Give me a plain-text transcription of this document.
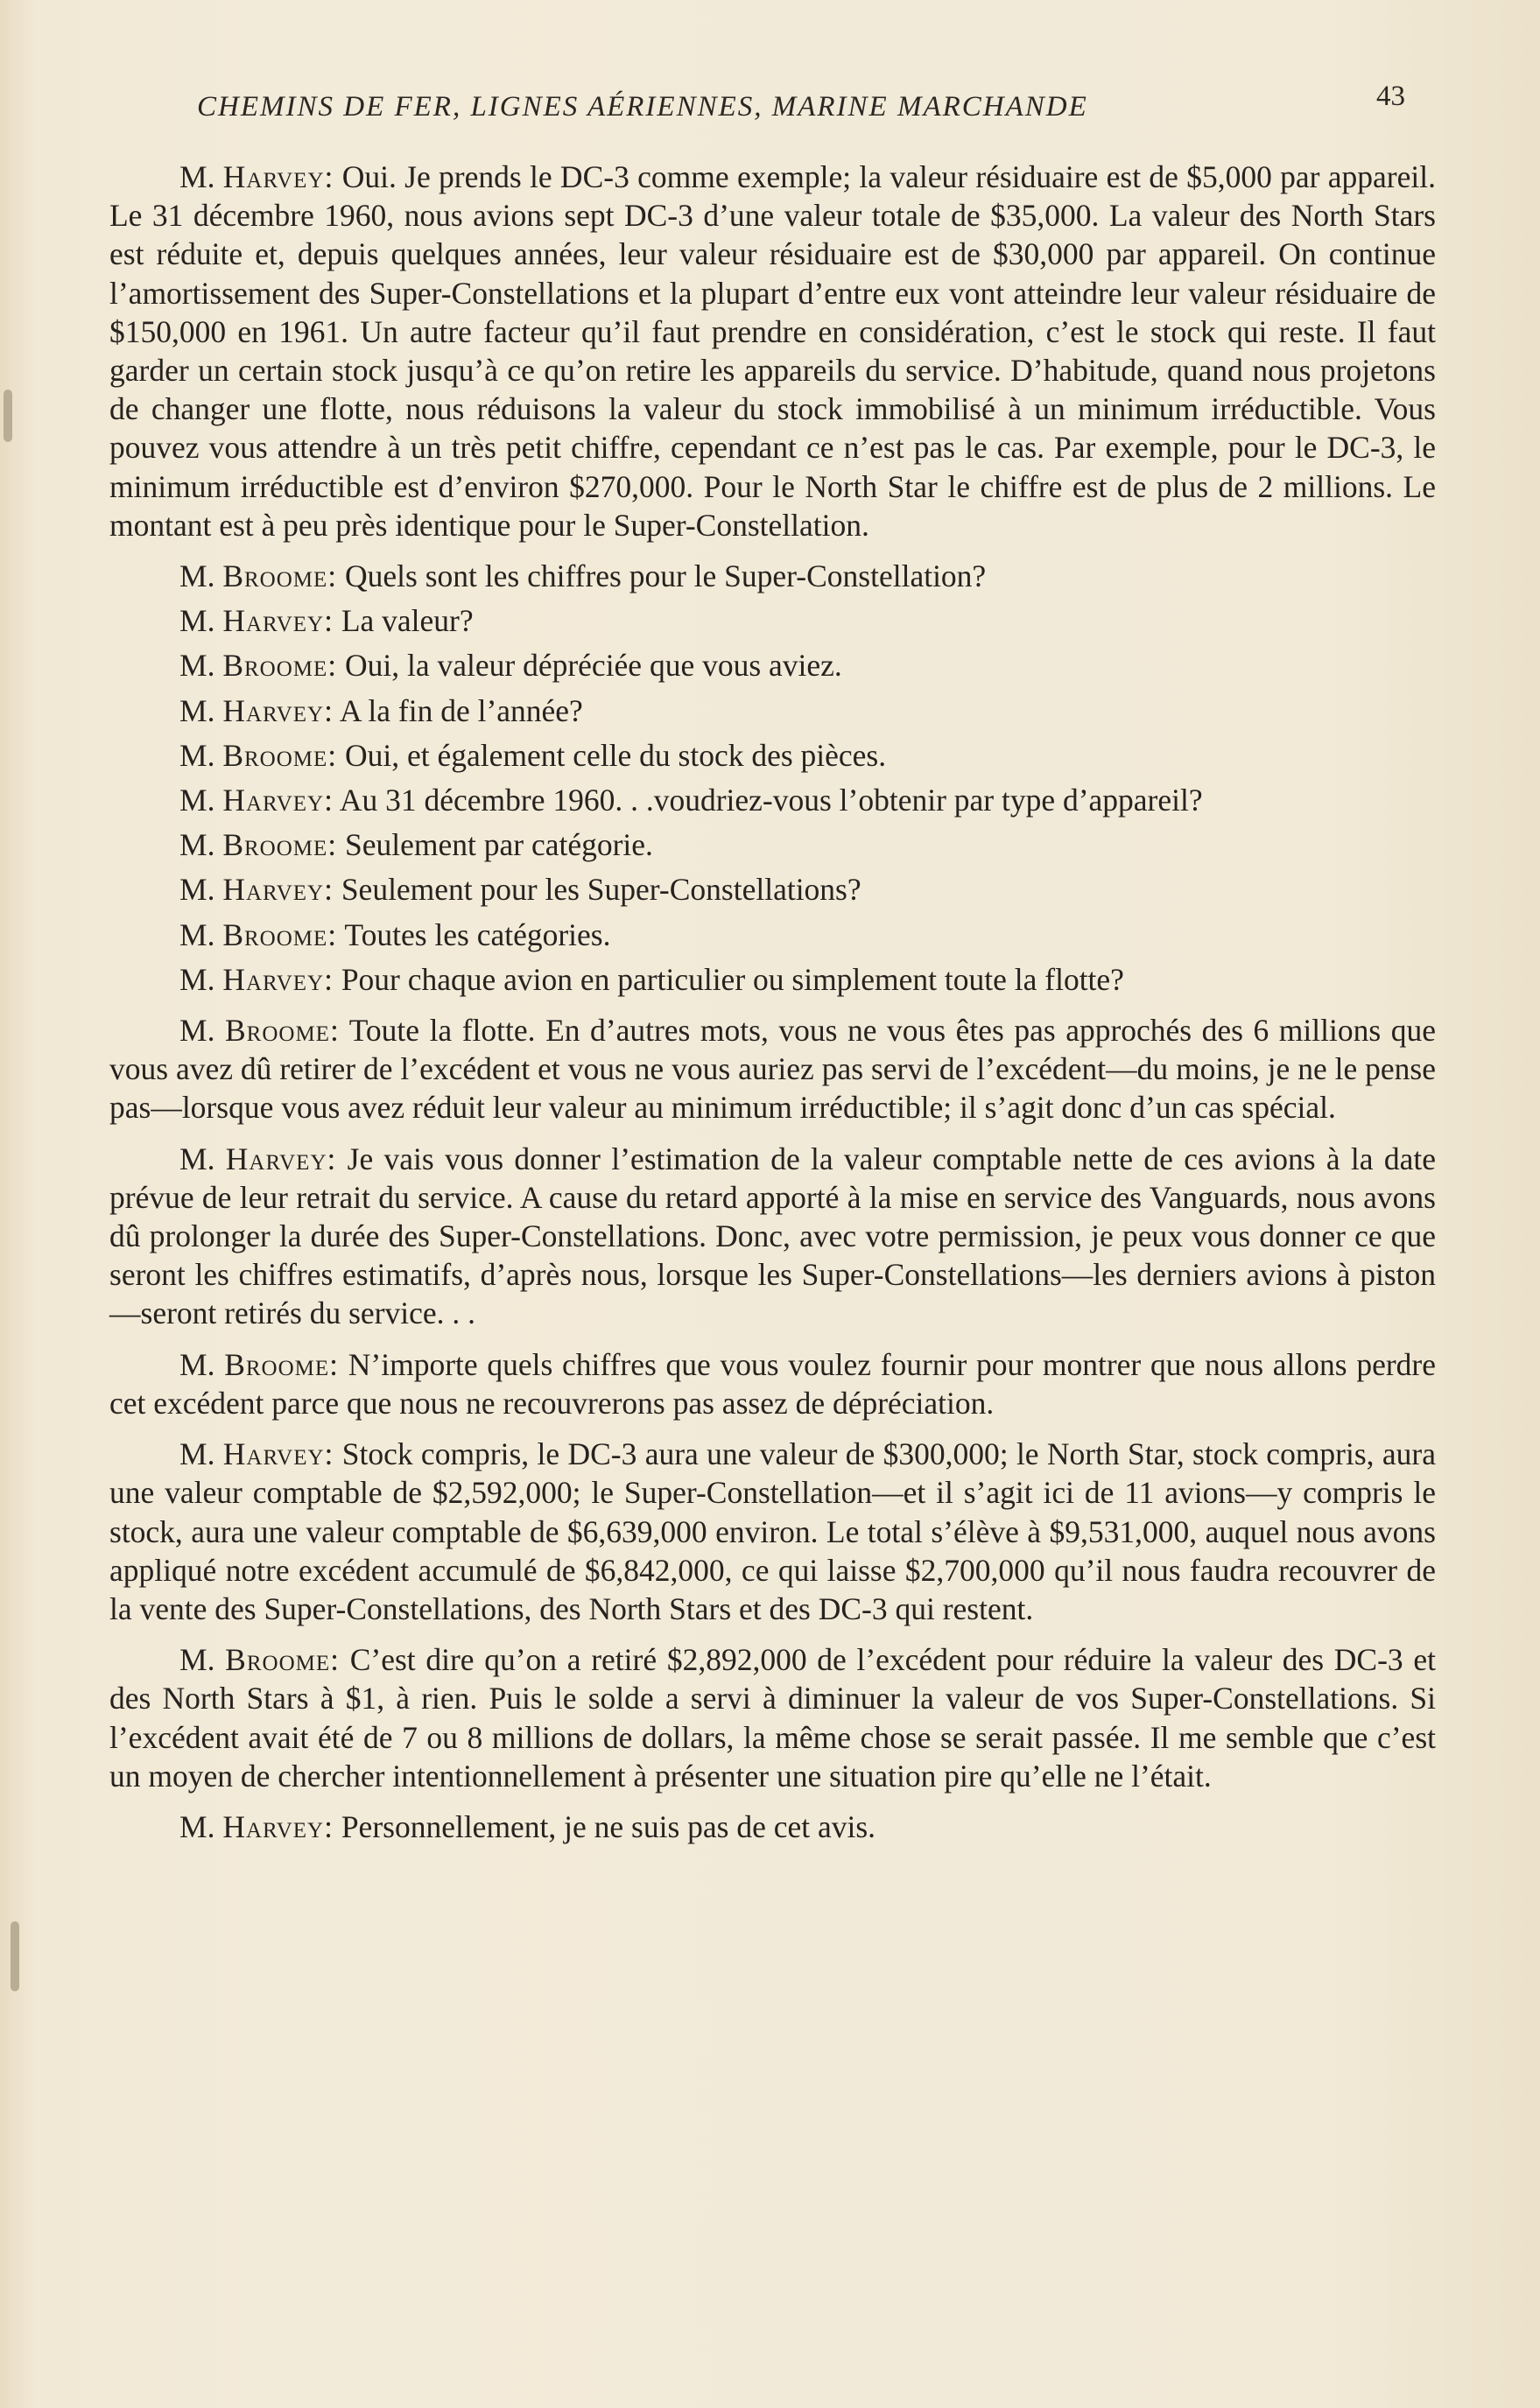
CHEMINS DE FER, LIGNES AÉRIENNES, MARINE MARCHANDE	43

M. Harvey: Oui. Je prends le DC-3 comme exemple; la valeur résiduaire est de $5,000 par appareil. Le 31 décembre 1960, nous avions sept DC-3 d’une valeur totale de $35,000. La valeur des North Stars est réduite et, depuis quelques années, leur valeur résiduaire est de $30,000 par appareil. On continue l’amortissement des Super-Constellations et la plupart d’entre eux vont atteindre leur valeur résiduaire de $150,000 en 1961. Un autre facteur qu’il faut prendre en considération, c’est le stock qui reste. Il faut garder un certain stock jusqu’à ce qu’on retire les appareils du service. D’habitude, quand nous projetons de changer une flotte, nous réduisons la valeur du stock immobilisé à un minimum irréductible. Vous pouvez vous attendre à un très petit chiffre, cependant ce n’est pas le cas. Par exemple, pour le DC-3, le minimum irréductible est d’environ $270,000. Pour le North Star le chiffre est de plus de 2 millions. Le montant est à peu près identique pour le Super-Constellation.

M. Broome: Quels sont les chiffres pour le Super-Constellation?

M. Harvey: La valeur?

M. Broome: Oui, la valeur dépréciée que vous aviez.

M. Harvey: A la fin de l’année?

M. Broome: Oui, et également celle du stock des pièces.

M. Harvey: Au 31 décembre 1960. . .voudriez-vous l’obtenir par type d’appareil?

M. Broome: Seulement par catégorie.

M. Harvey: Seulement pour les Super-Constellations?

M. Broome: Toutes les catégories.

M. Harvey: Pour chaque avion en particulier ou simplement toute la flotte?

M. Broome: Toute la flotte. En d’autres mots, vous ne vous êtes pas approchés des 6 millions que vous avez dû retirer de l’excédent et vous ne vous auriez pas servi de l’excédent—du moins, je ne le pense pas—lorsque vous avez réduit leur valeur au minimum irréductible; il s’agit donc d’un cas spécial.

M. Harvey: Je vais vous donner l’estimation de la valeur comptable nette de ces avions à la date prévue de leur retrait du service. A cause du retard apporté à la mise en service des Vanguards, nous avons dû prolonger la durée des Super-Constellations. Donc, avec votre permission, je peux vous donner ce que seront les chiffres estimatifs, d’après nous, lorsque les Super-Constellations—les derniers avions à piston—seront retirés du service. . .

M. Broome: N’importe quels chiffres que vous voulez fournir pour montrer que nous allons perdre cet excédent parce que nous ne recouvrerons pas assez de dépréciation.

M. Harvey: Stock compris, le DC-3 aura une valeur de $300,000; le North Star, stock compris, aura une valeur comptable de $2,592,000; le Super-Constellation—et il s’agit ici de 11 avions—y compris le stock, aura une valeur comptable de $6,639,000 environ. Le total s’élève à $9,531,000, auquel nous avons appliqué notre excédent accumulé de $6,842,000, ce qui laisse $2,700,000 qu’il nous faudra recouvrer de la vente des Super-Constellations, des North Stars et des DC-3 qui restent.

M. Broome: C’est dire qu’on a retiré $2,892,000 de l’excédent pour réduire la valeur des DC-3 et des North Stars à $1, à rien. Puis le solde a servi à diminuer la valeur de vos Super-Constellations. Si l’excédent avait été de 7 ou 8 millions de dollars, la même chose se serait passée. Il me semble que c’est un moyen de chercher intentionnellement à présenter une situation pire qu’elle ne l’était.

M. Harvey: Personnellement, je ne suis pas de cet avis.
